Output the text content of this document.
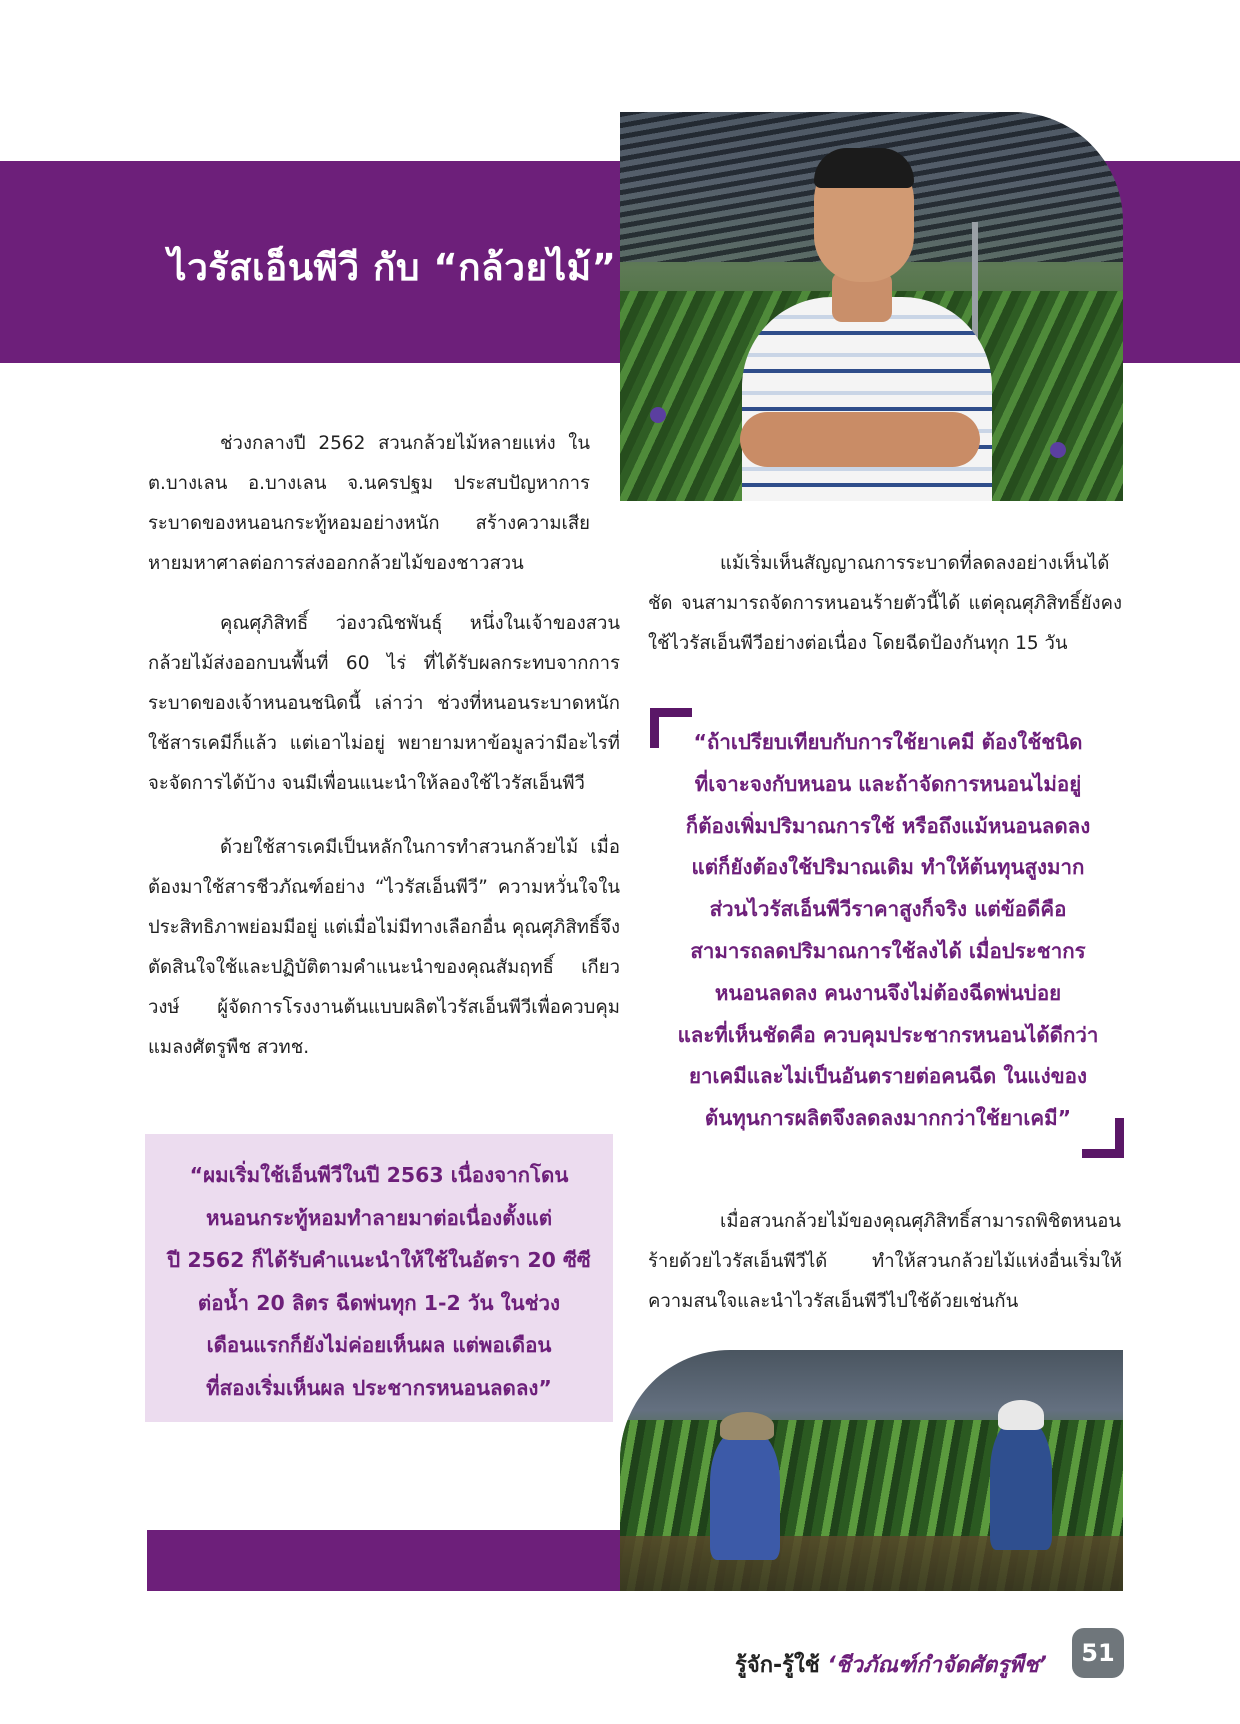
ไวรัสเอ็นพีวี กับ “กล้วยไม้”
ช่วงกลางปี 2562 สวนกล้วยไม้หลายแห่ง ใน ต.บางเลน อ.บางเลน จ.นครปฐม ประสบปัญหาการระบาดของหนอนกระทู้หอมอย่างหนัก สร้างความเสียหายมหาศาลต่อการส่งออกกล้วยไม้ของชาวสวน
คุณศุภิสิทธิ์ ว่องวณิชพันธุ์ หนึ่งในเจ้าของสวนกล้วยไม้ส่งออกบนพื้นที่ 60 ไร่ ที่ได้รับผลกระทบจากการระบาดของเจ้าหนอนชนิดนี้ เล่าว่า ช่วงที่หนอนระบาดหนัก ใช้สารเคมีก็แล้ว แต่เอาไม่อยู่ พยายามหาข้อมูลว่ามีอะไรที่จะจัดการได้บ้าง จนมีเพื่อนแนะนำให้ลองใช้ไวรัสเอ็นพีวี
ด้วยใช้สารเคมีเป็นหลักในการทำสวนกล้วยไม้ เมื่อต้องมาใช้สารชีวภัณฑ์อย่าง “ไวรัสเอ็นพีวี” ความหวั่นใจในประสิทธิภาพย่อมมีอยู่ แต่เมื่อไม่มีทางเลือกอื่น คุณศุภิสิทธิ์จึงตัดสินใจใช้และปฏิบัติตามคำแนะนำของคุณสัมฤทธิ์ เกียววงษ์ ผู้จัดการโรงงานต้นแบบผลิตไวรัสเอ็นพีวีเพื่อควบคุมแมลงศัตรูพืช สวทช.
แม้เริ่มเห็นสัญญาณการระบาดที่ลดลงอย่างเห็นได้ชัด จนสามารถจัดการหนอนร้ายตัวนี้ได้ แต่คุณศุภิสิทธิ์ยังคงใช้ไวรัสเอ็นพีวีอย่างต่อเนื่อง โดยฉีดป้องกันทุก 15 วัน
“ถ้าเปรียบเทียบกับการใช้ยาเคมี ต้องใช้ชนิด
ที่เจาะจงกับหนอน และถ้าจัดการหนอนไม่อยู่
ก็ต้องเพิ่มปริมาณการใช้ หรือถึงแม้หนอนลดลง
แต่ก็ยังต้องใช้ปริมาณเดิม ทำให้ต้นทุนสูงมาก
ส่วนไวรัสเอ็นพีวีราคาสูงก็จริง แต่ข้อดีคือ
สามารถลดปริมาณการใช้ลงได้ เมื่อประชากร
หนอนลดลง คนงานจึงไม่ต้องฉีดพ่นบ่อย
และที่เห็นชัดคือ ควบคุมประชากรหนอนได้ดีกว่า
ยาเคมีและไม่เป็นอันตรายต่อคนฉีด ในแง่ของ
ต้นทุนการผลิตจึงลดลงมากกว่าใช้ยาเคมี”
“ผมเริ่มใช้เอ็นพีวีในปี 2563 เนื่องจากโดน
หนอนกระทู้หอมทำลายมาต่อเนื่องตั้งแต่
ปี 2562 ก็ได้รับคำแนะนำให้ใช้ในอัตรา 20 ซีซี
ต่อน้ำ 20 ลิตร ฉีดพ่นทุก 1-2 วัน ในช่วง
เดือนแรกก็ยังไม่ค่อยเห็นผล แต่พอเดือน
ที่สองเริ่มเห็นผล ประชากรหนอนลดลง”
เมื่อสวนกล้วยไม้ของคุณศุภิสิทธิ์สามารถพิชิตหนอนร้ายด้วยไวรัสเอ็นพีวีได้ ทำให้สวนกล้วยไม้แห่งอื่นเริ่มให้ความสนใจและนำไวรัสเอ็นพีวีไปใช้ด้วยเช่นกัน
รู้จัก-รู้ใช้ ‘ชีวภัณฑ์กำจัดศัตรูพืช’	51
